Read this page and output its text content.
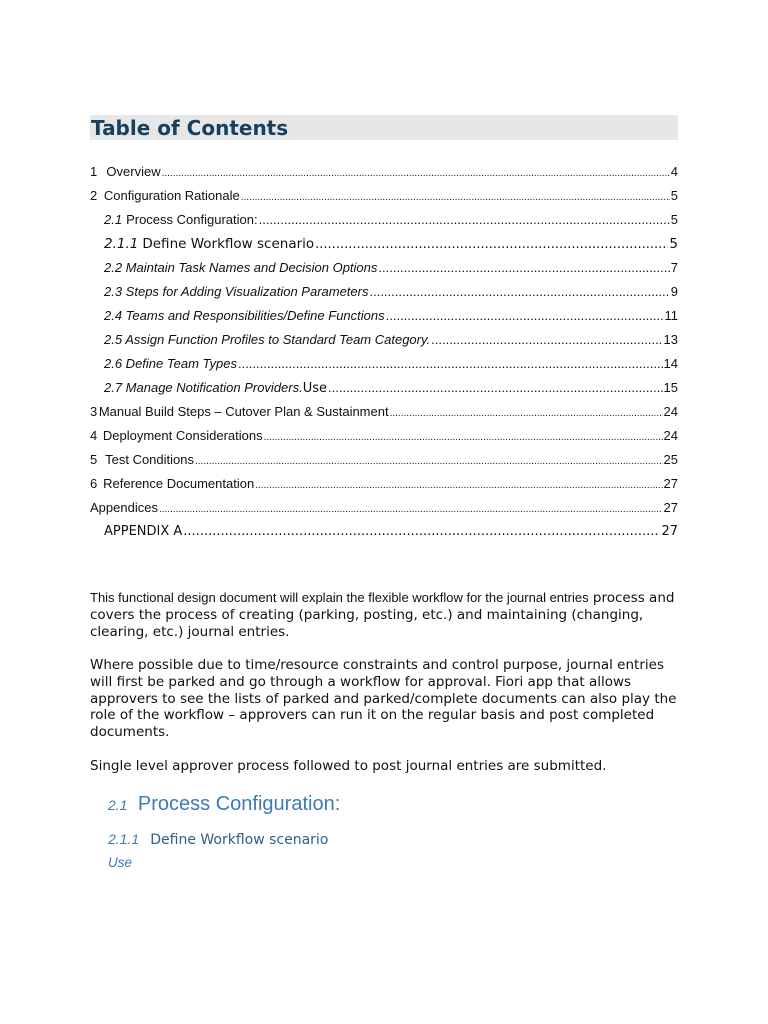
Table of Contents
1 Overview .....	4
2 Configuration Rationale .....	5
2.1 Process Configuration: .....	5
2.1.1 Define Workflow scenario .....	5
2.2 Maintain Task Names and Decision Options .....	7
2.3 Steps for Adding Visualization Parameters .....	9
2.4 Teams and Responsibilities/Define Functions .....	11
2.5 Assign Function Profiles to Standard Team Category. .....	13
2.6 Define Team Types .....	14
2.7 Manage Notification Providers. Use .....	15
3 Manual Build Steps – Cutover Plan & Sustainment .....	24
4 Deployment Considerations .....	24
5 Test Conditions .....	25
6 Reference Documentation .....	27
Appendices .....	27
APPENDIX A .....	27
This functional design document will explain the flexible workflow for the journal entries process and covers the process of creating (parking, posting, etc.) and maintaining (changing, clearing, etc.) journal entries.
Where possible due to time/resource constraints and control purpose, journal entries will first be parked and go through a workflow for approval. Fiori app that allows approvers to see the lists of parked and parked/complete documents can also play the role of the workflow – approvers can run it on the regular basis and post completed documents.
Single level approver process followed to post journal entries are submitted.
2.1 Process Configuration:
2.1.1 Define Workflow scenario
Use
